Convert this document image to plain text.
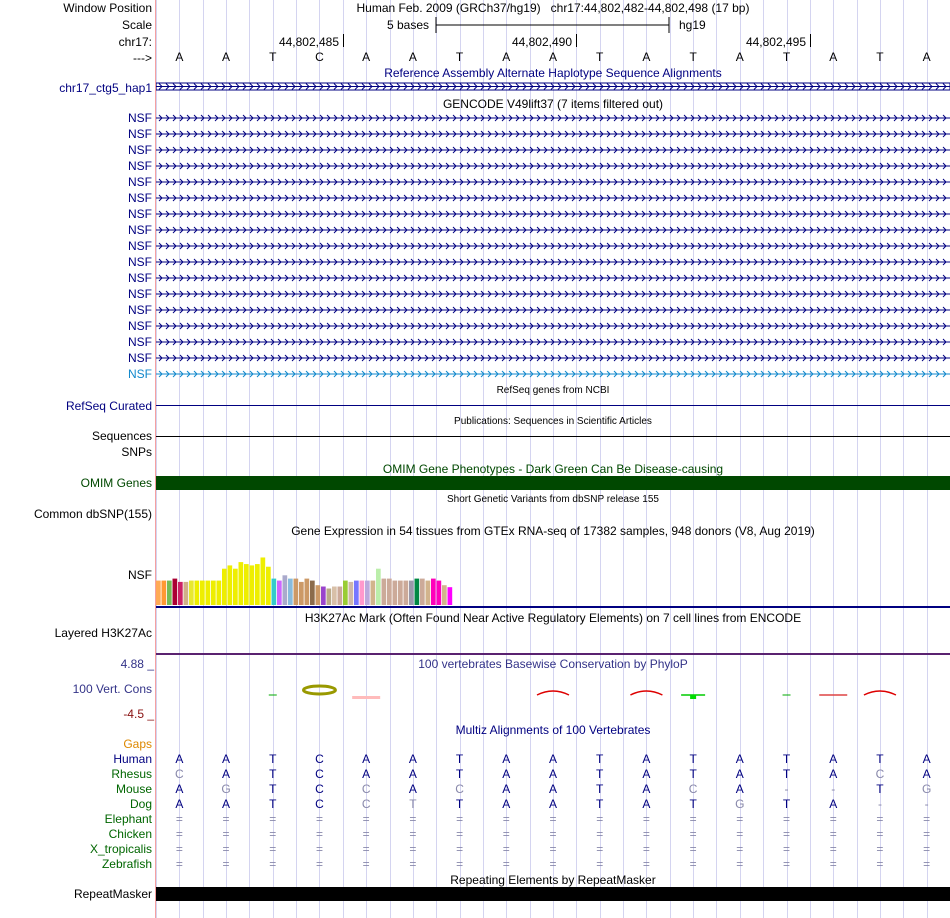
Window Position	Human Feb. 2009 (GRCh37/hg19) chr17:44,802,482-44,802,498 (17 bp)
Scale	5 bases	hg19
chr17:	44,802,485	44,802,490	44,802,495
--->	A	A	T	C	A	A	T	A	A	T	A	T	A	T	A	T	A
Reference Assembly Alternate Haplotype Sequence Alignments
chr17_ctg5_hap1
GENCODE V49lift37 (7 items filtered out)
NSF
NSF
NSF
NSF
NSF
NSF
NSF
NSF
NSF
NSF
NSF
NSF
NSF
NSF
NSF
NSF
NSF
RefSeq genes from NCBI
RefSeq Curated
Publications: Sequences in Scientific Articles
Sequences
SNPs
OMIM Gene Phenotypes - Dark Green Can Be Disease-causing
OMIM Genes
Short Genetic Variants from dbSNP release 155
Common dbSNP(155)
Gene Expression in 54 tissues from GTEx RNA-seq of 17382 samples, 948 donors (V8, Aug 2019)
NSF
H3K27Ac Mark (Often Found Near Active Regulatory Elements) on 7 cell lines from ENCODE
Layered H3K27Ac
100 vertebrates Basewise Conservation by PhyloP
4.88 _
100 Vert. Cons
-4.5 _
Multiz Alignments of 100 Vertebrates
Gaps
Human	A	A	T	C	A	A	T	A	A	T	A	T	A	T	A	T	A
Rhesus	C	A	T	C	A	A	T	A	A	T	A	T	A	T	A	C	A
Mouse	A	G	T	C	C	A	C	A	A	T	A	C	A	-	-	T	G
Dog	A	A	T	C	C	T	T	A	A	T	A	T	G	T	A	-	-
Elephant	=	=	=	=	=	=	=	=	=	=	=	=	=	=	=	=	=
Chicken	=	=	=	=	=	=	=	=	=	=	=	=	=	=	=	=	=
X_tropicalis	=	=	=	=	=	=	=	=	=	=	=	=	=	=	=	=	=
Zebrafish	=	=	=	=	=	=	=	=	=	=	=	=	=	=	=	=	=
Repeating Elements by RepeatMasker
RepeatMasker
